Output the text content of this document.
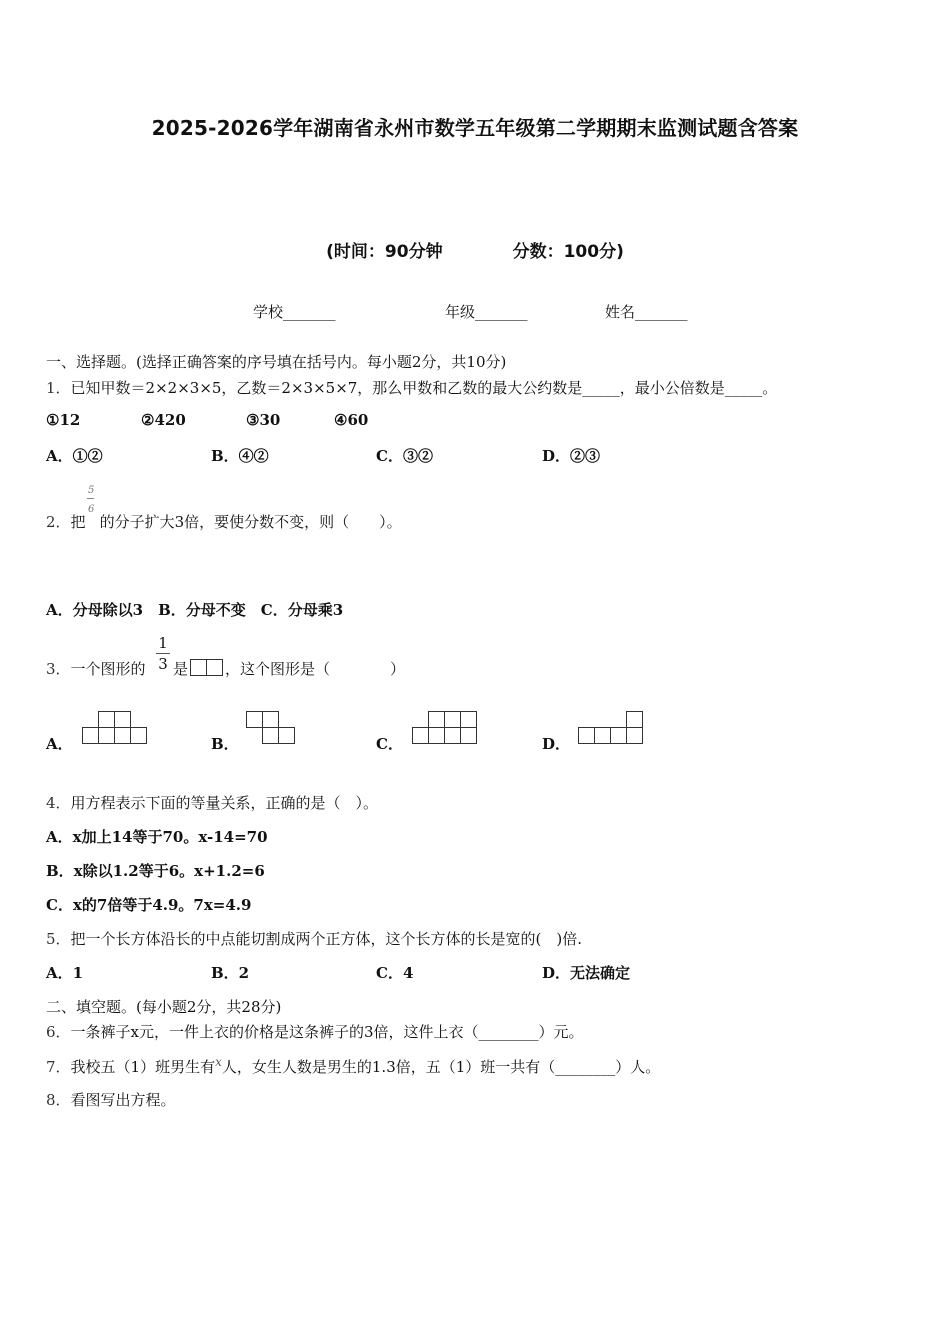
2025-2026学年湖南省永州市数学五年级第二学期期末监测试题含答案
(时间：90分钟	分数：100分)
学校_______	年级_______	姓名_______
一、选择题。(选择正确答案的序号填在括号内。每小题2分，共10分)
1．已知甲数＝2×2×3×5，乙数＝2×3×5×7，那么甲数和乙数的最大公约数是_____，最小公倍数是_____。
①12	②420	③30	④60
A．①②	B．④②	C．③②	D．②③
5
6
2．把 的分子扩大3倍，要使分数不变，则（　　）。
A．分母除以3　B．分母不变　C．分母乘3
3．一个图形的 $\frac{1}{3}$ 是 ，这个图形是（　　　　）
A．	B．	C．	D．
4．用方程表示下面的等量关系，正确的是（　）。
A．x加上14等于70。x-14=70
B．x除以1.2等于6。x+1.2=6
C．x的7倍等于4.9。7x=4.9
5．把一个长方体沿长的中点能切割成两个正方体，这个长方体的长是宽的(　)倍.
A．1	B．2	C．4	D．无法确定
二、填空题。(每小题2分，共28分)
6．一条裤子x元，一件上衣的价格是这条裤子的3倍，这件上衣（________）元。
7．我校五（1）班男生有$^x$人，女生人数是男生的1.3倍，五（1）班一共有（________）人。
8．看图写出方程。
